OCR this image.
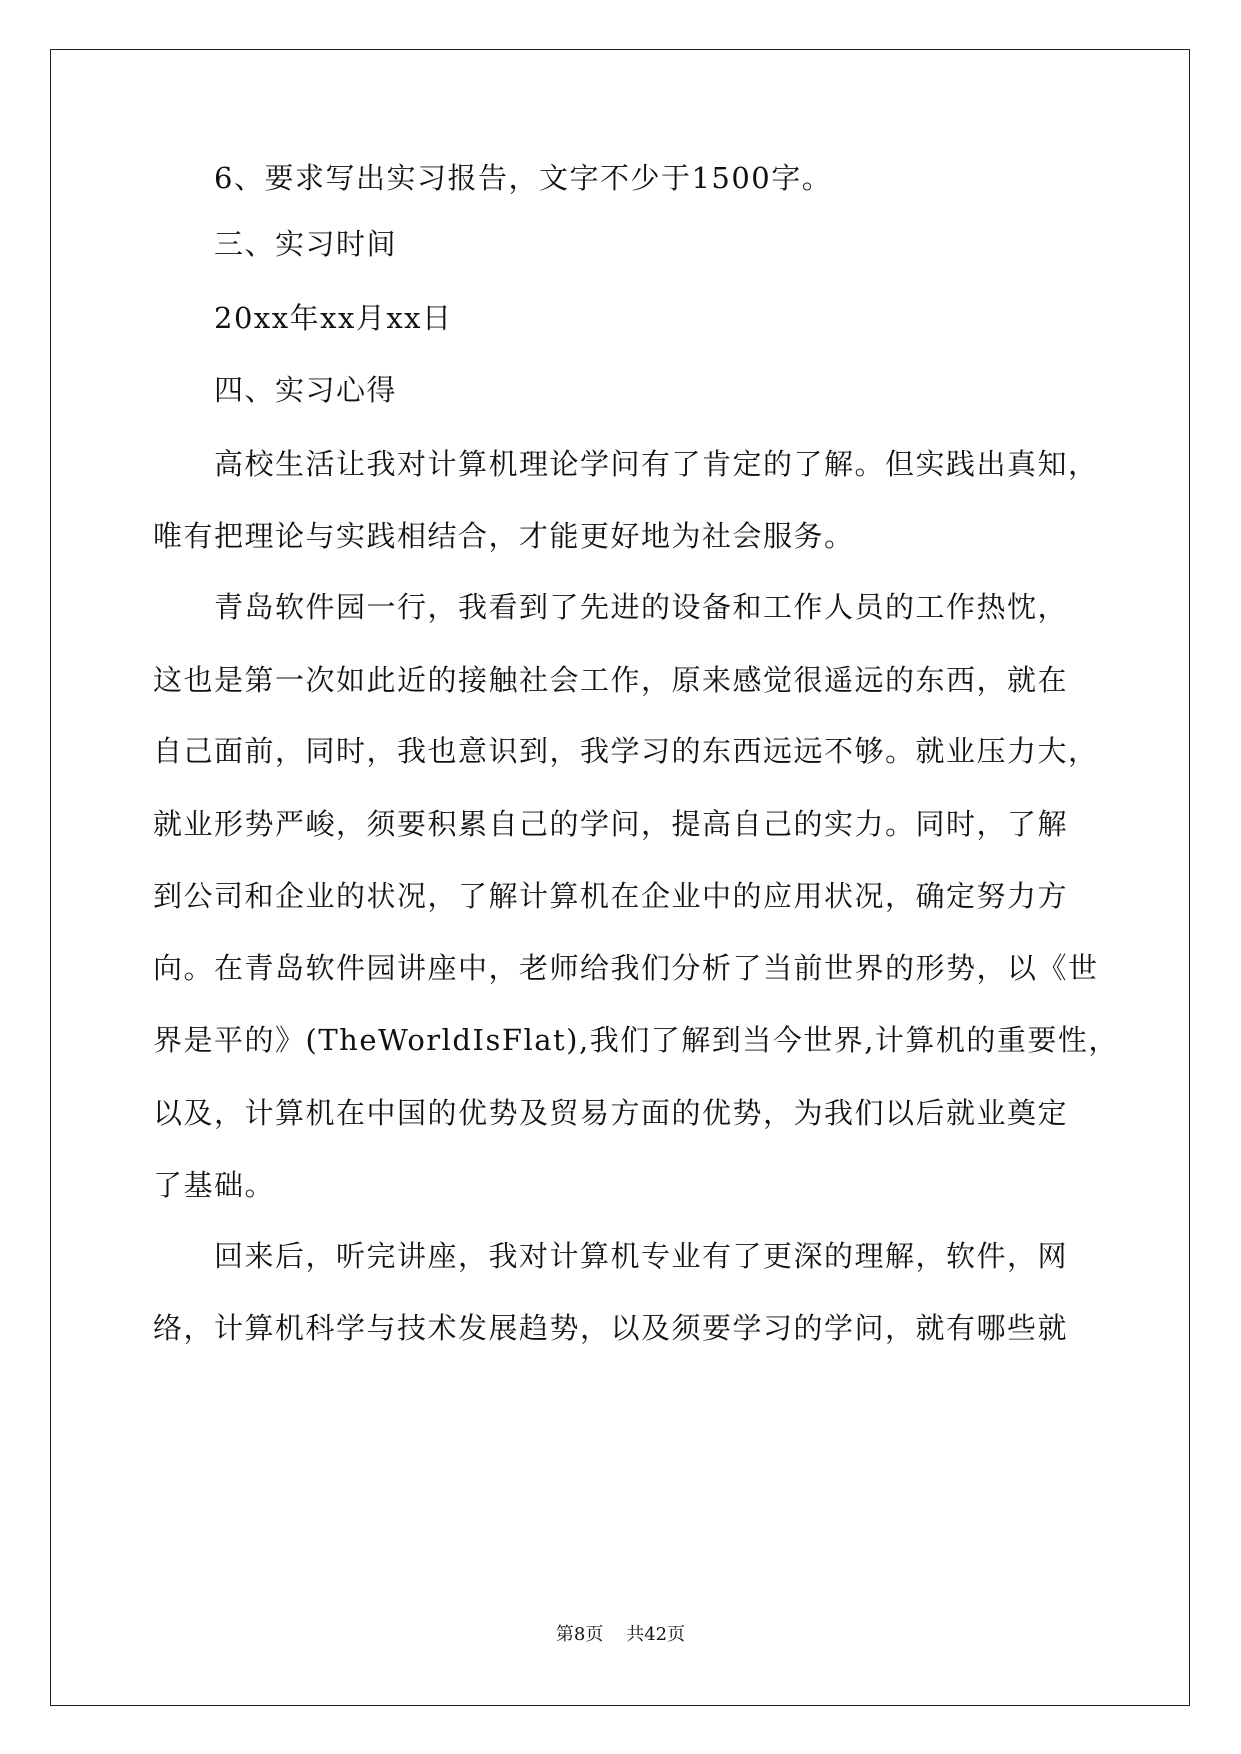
6、要求写出实习报告，文字不少于1500字。
三、实习时间
20xx年xx月xx日
四、实习心得
高校生活让我对计算机理论学问有了肯定的了解。但实践出真知，
唯有把理论与实践相结合，才能更好地为社会服务。
青岛软件园一行，我看到了先进的设备和工作人员的工作热忱，
这也是第一次如此近的接触社会工作，原来感觉很遥远的东西，就在
自己面前，同时，我也意识到，我学习的东西远远不够。就业压力大，
就业形势严峻，须要积累自己的学问，提高自己的实力。同时，了解
到公司和企业的状况，了解计算机在企业中的应用状况，确定努力方
向。在青岛软件园讲座中，老师给我们分析了当前世界的形势，以《世
界是平的》(TheWorldIsFlat),我们了解到当今世界,计算机的重要性，
以及，计算机在中国的优势及贸易方面的优势，为我们以后就业奠定
了基础。
回来后，听完讲座，我对计算机专业有了更深的理解，软件，网
络，计算机科学与技术发展趋势，以及须要学习的学问，就有哪些就
第8页 共42页
